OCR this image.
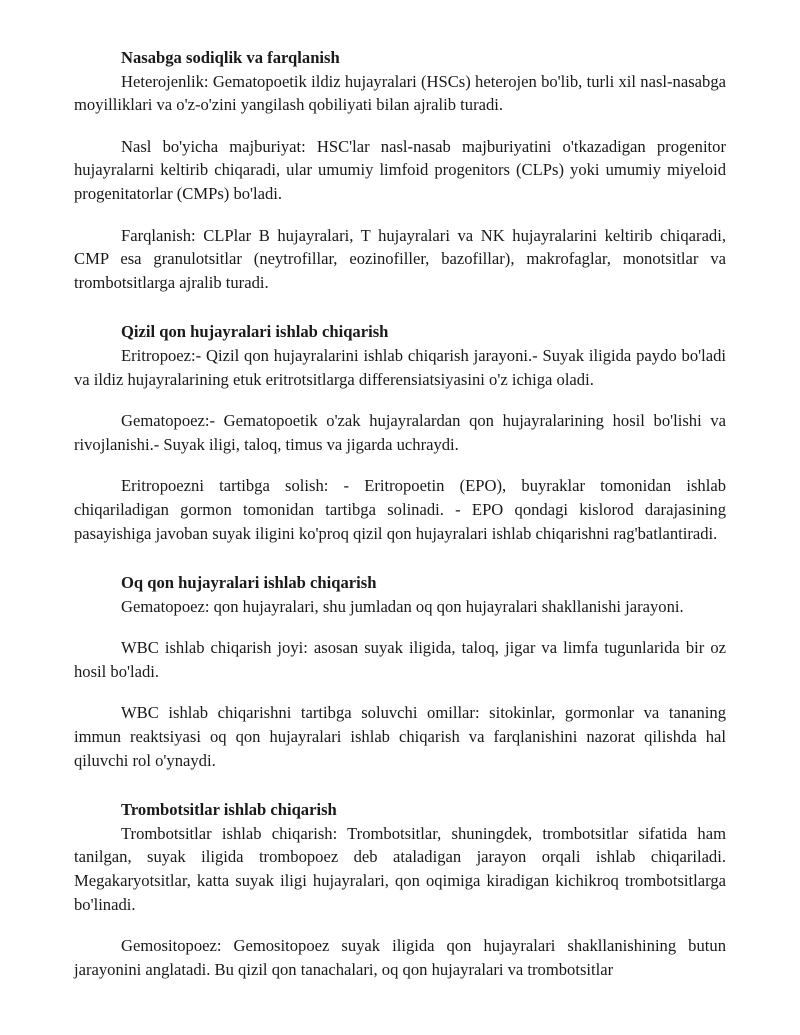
Nasabga sodiqlik va farqlanish

Heterojenlik: Gematopoetik ildiz hujayralari (HSCs) heterojen bo'lib, turli xil nasl-nasabga moyilliklari va o'z-o'zini yangilash qobiliyati bilan ajralib turadi.

Nasl bo'yicha majburiyat: HSC'lar nasl-nasab majburiyatini o'tkazadigan progenitor hujayralarni keltirib chiqaradi, ular umumiy limfoid progenitors (CLPs) yoki umumiy miyeloid progenitatorlar (CMPs) bo'ladi.

Farqlanish: CLPlar B hujayralari, T hujayralari va NK hujayralarini keltirib chiqaradi, CMP esa granulotsitlar (neytrofillar, eozinofiller, bazofillar), makrofaglar, monotsitlar va trombotsitlarga ajralib turadi.

Qizil qon hujayralari ishlab chiqarish

Eritropoez:- Qizil qon hujayralarini ishlab chiqarish jarayoni.- Suyak iligida paydo bo'ladi va ildiz hujayralarining etuk eritrotsitlarga differensiatsiyasini o'z ichiga oladi.

Gematopoez:- Gematopoetik o'zak hujayralardan qon hujayralarining hosil bo'lishi va rivojlanishi.- Suyak iligi, taloq, timus va jigarda uchraydi.

Eritropoezni tartibga solish: - Eritropoetin (EPO), buyraklar tomonidan ishlab chiqariladigan gormon tomonidan tartibga solinadi. - EPO qondagi kislorod darajasining pasayishiga javoban suyak iligini ko'proq qizil qon hujayralari ishlab chiqarishni rag'batlantiradi.

Oq qon hujayralari ishlab chiqarish

Gematopoez: qon hujayralari, shu jumladan oq qon hujayralari shakllanishi jarayoni.

WBC ishlab chiqarish joyi: asosan suyak iligida, taloq, jigar va limfa tugunlarida bir oz hosil bo'ladi.

WBC ishlab chiqarishni tartibga soluvchi omillar: sitokinlar, gormonlar va tananing immun reaktsiyasi oq qon hujayralari ishlab chiqarish va farqlanishini nazorat qilishda hal qiluvchi rol o'ynaydi.

Trombotsitlar ishlab chiqarish

Trombotsitlar ishlab chiqarish: Trombotsitlar, shuningdek, trombotsitlar sifatida ham tanilgan, suyak iligida trombopoez deb ataladigan jarayon orqali ishlab chiqariladi. Megakaryotsitlar, katta suyak iligi hujayralari, qon oqimiga kiradigan kichikroq trombotsitlarga bo'linadi.

Gemositopoez: Gemositopoez suyak iligida qon hujayralari shakllanishining butun jarayonini anglatadi. Bu qizil qon tanachalari, oq qon hujayralari va trombotsitlar
